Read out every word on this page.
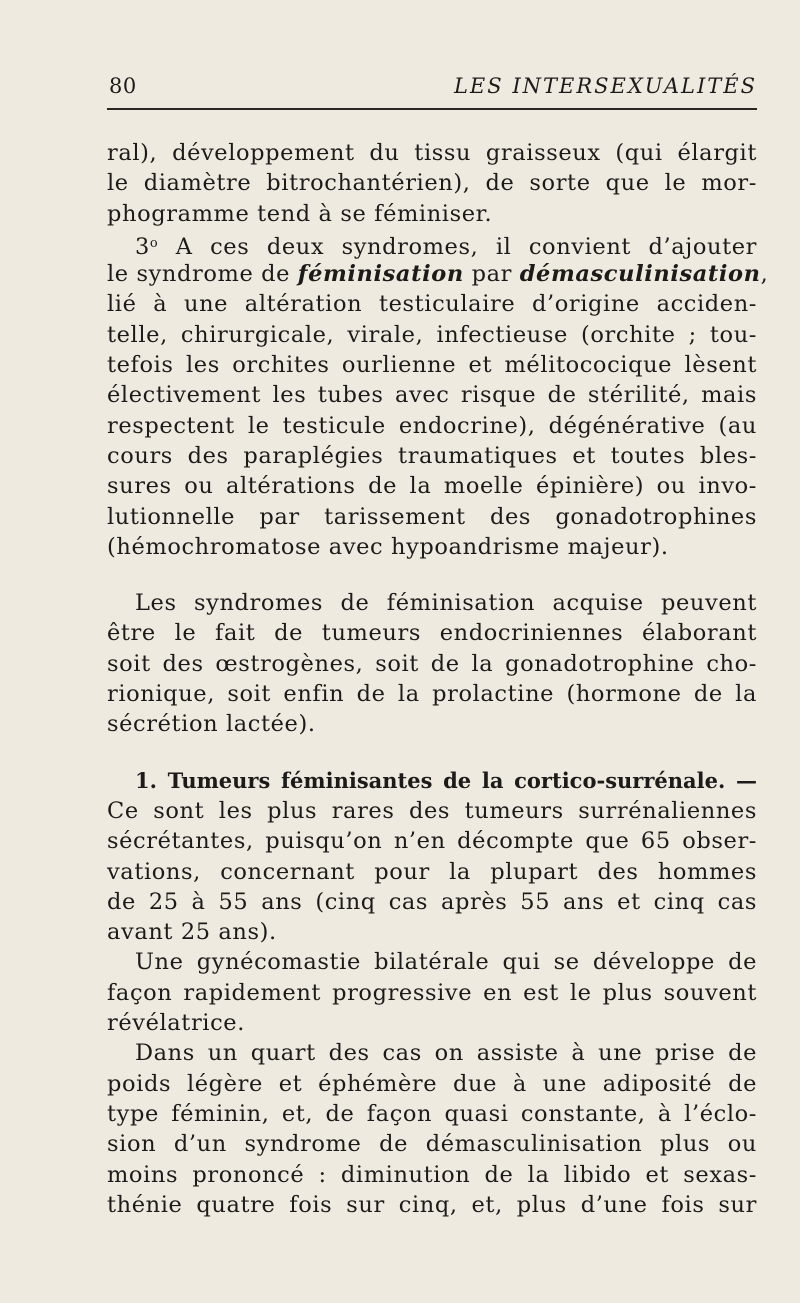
80	LES INTERSEXUALITÉS
ral), développement du tissu graisseux (qui élargit
le diamètre bitrochantérien), de sorte que le mor-
phogramme tend à se féminiser.
3$^o$ A ces deux syndromes, il convient d’ajouter
le syndrome de féminisation par démasculinisation,
lié à une altération testiculaire d’origine acciden-
telle, chirurgicale, virale, infectieuse (orchite ; tou-
tefois les orchites ourlienne et mélitococique lèsent
électivement les tubes avec risque de stérilité, mais
respectent le testicule endocrine), dégénérative (au
cours des paraplégies traumatiques et toutes bles-
sures ou altérations de la moelle épinière) ou invo-
lutionnelle par tarissement des gonadotrophines
(hémochromatose avec hypoandrisme majeur).
Les syndromes de féminisation acquise peuvent
être le fait de tumeurs endocriniennes élaborant
soit des œstrogènes, soit de la gonadotrophine cho-
rionique, soit enfin de la prolactine (hormone de la
sécrétion lactée).
1. Tumeurs féminisantes de la cortico-surrénale. —
Ce sont les plus rares des tumeurs surrénaliennes
sécrétantes, puisqu’on n’en décompte que 65 obser-
vations, concernant pour la plupart des hommes
de 25 à 55 ans (cinq cas après 55 ans et cinq cas
avant 25 ans).
Une gynécomastie bilatérale qui se développe de
façon rapidement progressive en est le plus souvent
révélatrice.
Dans un quart des cas on assiste à une prise de
poids légère et éphémère due à une adiposité de
type féminin, et, de façon quasi constante, à l’éclo-
sion d’un syndrome de démasculinisation plus ou
moins prononcé : diminution de la libido et sexas-
thénie quatre fois sur cinq, et, plus d’une fois sur
